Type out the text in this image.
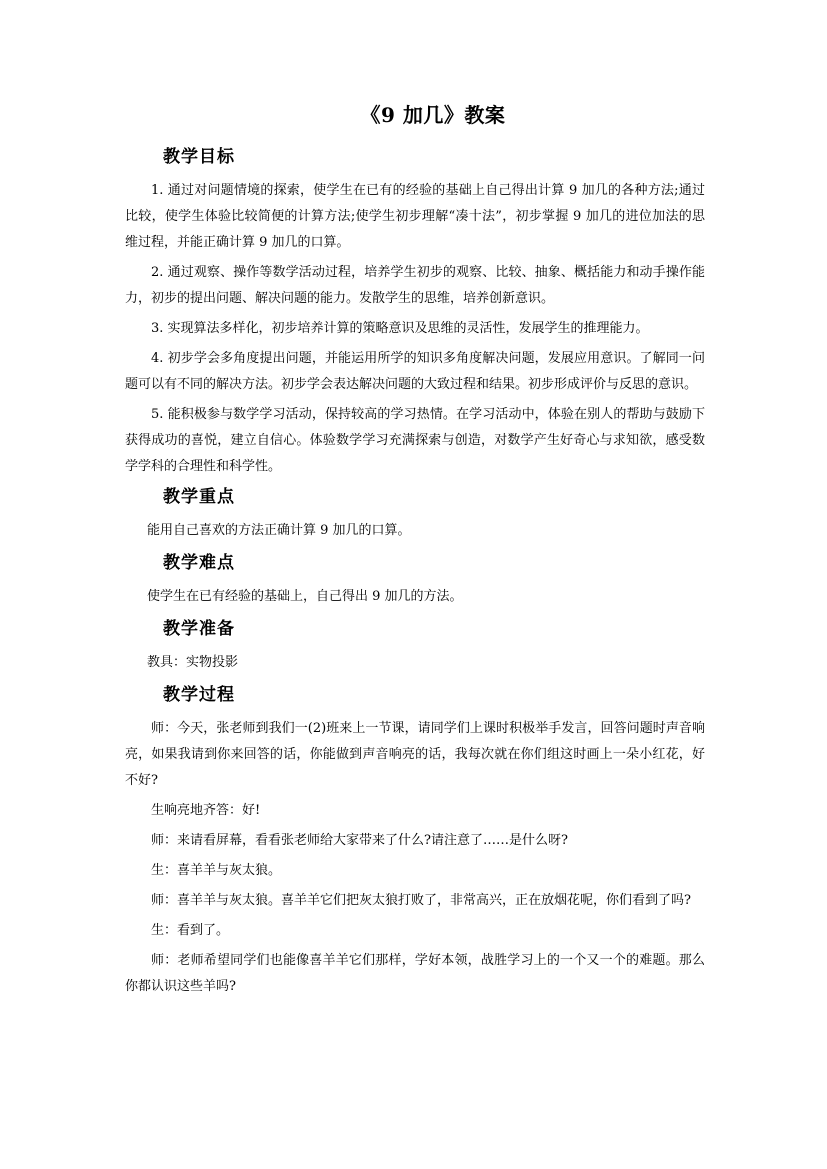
《9 加几》教案
教学目标

1. 通过对问题情境的探索，使学生在已有的经验的基础上自己得出计算 9 加几的各种方法;通过比较，使学生体验比较简便的计算方法;使学生初步理解“凑十法”，初步掌握 9 加几的进位加法的思维过程，并能正确计算 9 加几的口算。

2. 通过观察、操作等数学活动过程，培养学生初步的观察、比较、抽象、概括能力和动手操作能力，初步的提出问题、解决问题的能力。发散学生的思维，培养创新意识。

3. 实现算法多样化，初步培养计算的策略意识及思维的灵活性，发展学生的推理能力。

4. 初步学会多角度提出问题，并能运用所学的知识多角度解决问题，发展应用意识。了解同一问题可以有不同的解决方法。初步学会表达解决问题的大致过程和结果。初步形成评价与反思的意识。

5. 能积极参与数学学习活动，保持较高的学习热情。在学习活动中，体验在别人的帮助与鼓励下获得成功的喜悦，建立自信心。体验数学学习充满探索与创造，对数学产生好奇心与求知欲，感受数学学科的合理性和科学性。

教学重点

能用自己喜欢的方法正确计算 9 加几的口算。

教学难点

使学生在已有经验的基础上，自己得出 9 加几的方法。

教学准备

教具：实物投影

教学过程

师：今天，张老师到我们一(2)班来上一节课，请同学们上课时积极举手发言，回答问题时声音响亮，如果我请到你来回答的话，你能做到声音响亮的话，我每次就在你们组这时画上一朵小红花，好不好?

生响亮地齐答：好!

师：来请看屏幕，看看张老师给大家带来了什么?请注意了……是什么呀?

生：喜羊羊与灰太狼。

师：喜羊羊与灰太狼。喜羊羊它们把灰太狼打败了，非常高兴，正在放烟花呢，你们看到了吗?

生：看到了。

师：老师希望同学们也能像喜羊羊它们那样，学好本领，战胜学习上的一个又一个的难题。那么你都认识这些羊吗?
